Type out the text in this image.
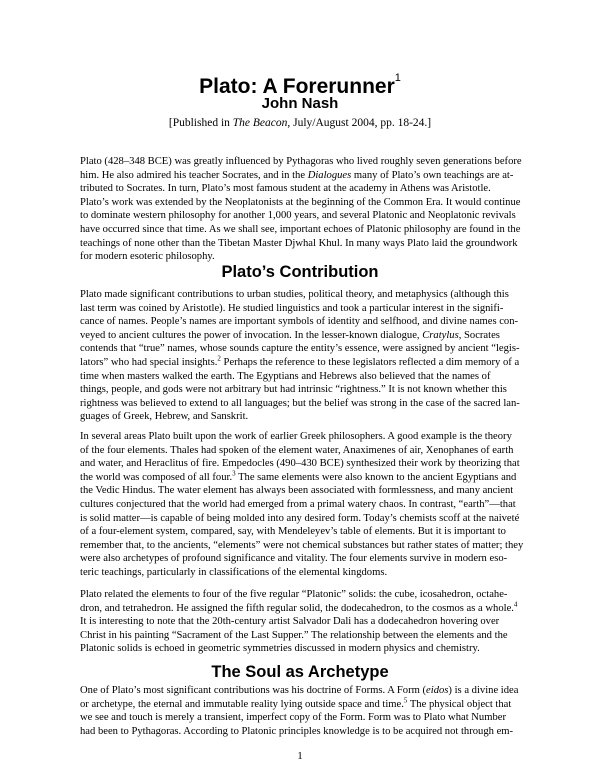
Plato: A Forerunner$^1$
John Nash
[Published in The Beacon, July/August 2004, pp. 18-24.]
Plato (428–348 BCE) was greatly influenced by Pythagoras who lived roughly seven generations before
him. He also admired his teacher Socrates, and in the Dialogues many of Plato’s own teachings are at-
tributed to Socrates. In turn, Plato’s most famous student at the academy in Athens was Aristotle.
Plato’s work was extended by the Neoplatonists at the beginning of the Common Era. It would continue
to dominate western philosophy for another 1,000 years, and several Platonic and Neoplatonic revivals
have occurred since that time. As we shall see, important echoes of Platonic philosophy are found in the
teachings of none other than the Tibetan Master Djwhal Khul. In many ways Plato laid the groundwork
for modern esoteric philosophy.
Plato’s Contribution
Plato made significant contributions to urban studies, political theory, and metaphysics (although this
last term was coined by Aristotle). He studied linguistics and took a particular interest in the signifi-
cance of names. People’s names are important symbols of identity and selfhood, and divine names con-
veyed to ancient cultures the power of invocation. In the lesser-known dialogue, Cratylus, Socrates
contends that “true” names, whose sounds capture the entity’s essence, were assigned by ancient “legis-
lators” who had special insights.$^2$ Perhaps the reference to these legislators reflected a dim memory of a
time when masters walked the earth. The Egyptians and Hebrews also believed that the names of
things, people, and gods were not arbitrary but had intrinsic “rightness.” It is not known whether this
rightness was believed to extend to all languages; but the belief was strong in the case of the sacred lan-
guages of Greek, Hebrew, and Sanskrit.
In several areas Plato built upon the work of earlier Greek philosophers. A good example is the theory
of the four elements. Thales had spoken of the element water, Anaximenes of air, Xenophanes of earth
and water, and Heraclitus of fire. Empedocles (490–430 BCE) synthesized their work by theorizing that
the world was composed of all four.$^3$ The same elements were also known to the ancient Egyptians and
the Vedic Hindus. The water element has always been associated with formlessness, and many ancient
cultures conjectured that the world had emerged from a primal watery chaos. In contrast, “earth”—that
is solid matter—is capable of being molded into any desired form. Today’s chemists scoff at the naiveté
of a four-element system, compared, say, with Mendeleyev’s table of elements. But it is important to
remember that, to the ancients, “elements” were not chemical substances but rather states of matter; they
were also archetypes of profound significance and vitality. The four elements survive in modern eso-
teric teachings, particularly in classifications of the elemental kingdoms.
Plato related the elements to four of the five regular “Platonic” solids: the cube, icosahedron, octahe-
dron, and tetrahedron. He assigned the fifth regular solid, the dodecahedron, to the cosmos as a whole.$^4$
It is interesting to note that the 20th-century artist Salvador Dali has a dodecahedron hovering over
Christ in his painting “Sacrament of the Last Supper.” The relationship between the elements and the
Platonic solids is echoed in geometric symmetries discussed in modern physics and chemistry.
The Soul as Archetype
One of Plato’s most significant contributions was his doctrine of Forms. A Form (eidos) is a divine idea
or archetype, the eternal and immutable reality lying outside space and time.$^5$ The physical object that
we see and touch is merely a transient, imperfect copy of the Form. Form was to Plato what Number
had been to Pythagoras. According to Platonic principles knowledge is to be acquired not through em-
1
